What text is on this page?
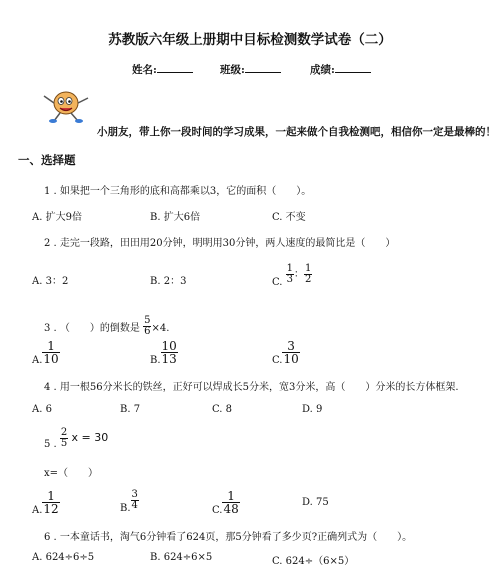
苏教版六年级上册期中目标检测数学试卷（二）
姓名:	班级:	成绩:
小朋友，带上你一段时间的学习成果，一起来做个自我检测吧，相信你一定是最棒的！
一、选择题
1 . 如果把一个三角形的底和高都乘以3，它的面积（　　）。
A. 扩大9倍	B. 扩大6倍	C. 不变
2 . 走完一段路，田田用20分钟，明明用30分钟，两人速度的最简比是（　　）
A. 3：2	B. 2：3	C. $\frac{1}{3}$ ： $\frac{1}{2}$
3 . （　　）的倒数是 $\frac{5}{6} \times 4$.
A. $\frac{1}{10}$	B. $\frac{10}{13}$	C. $\frac{3}{10}$
4 . 用一根56分米长的铁丝，正好可以焊成长5分米，宽3分米，高（　　）分米的长方体框架.
A. 6	B. 7	C. 8	D. 9
5 . $\frac{2}{5}$ x = 30
x=（　　）
A. $\frac{1}{12}$	B. $\frac{3}{4}$	C. $\frac{1}{48}$	D. 75
6 . 一本童话书，淘气6分钟看了624页，那5分钟看了多少页?正确列式为（　　）。
A. 624÷6÷5	B. 624÷6×5	C. 624÷（6×5）
